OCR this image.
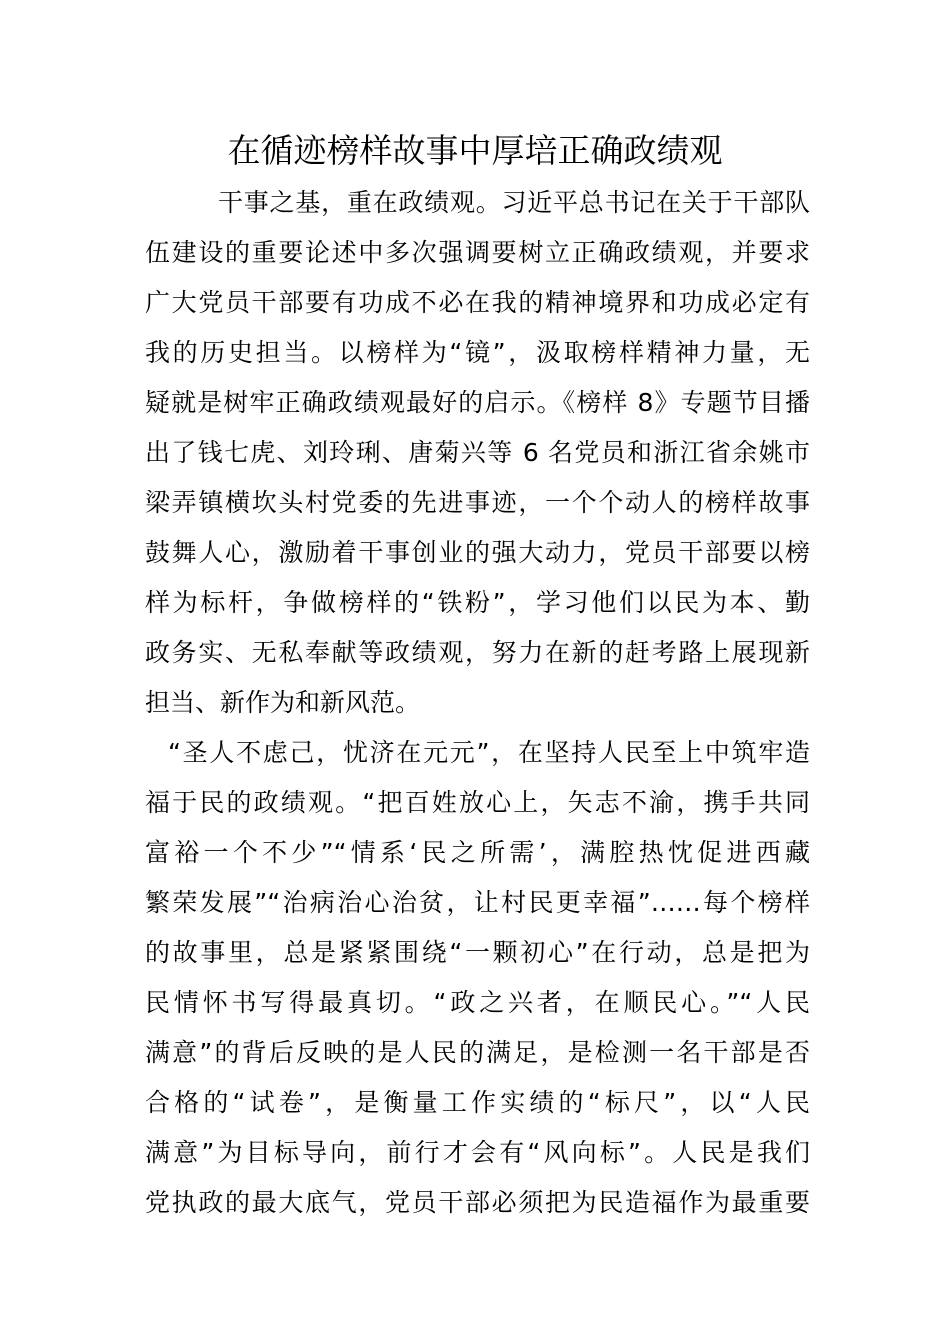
在循迹榜样故事中厚培正确政绩观
干事之基，重在政绩观。习近平总书记在关于干部队
伍建设的重要论述中多次强调要树立正确政绩观，并要求
广大党员干部要有功成不必在我的精神境界和功成必定有
我的历史担当。以榜样为“镜”，汲取榜样精神力量，无
疑就是树牢正确政绩观最好的启示。《榜样 8》专题节目播
出了钱七虎、刘玲琍、唐菊兴等 6 名党员和浙江省余姚市
梁弄镇横坎头村党委的先进事迹，一个个动人的榜样故事
鼓舞人心，激励着干事创业的强大动力，党员干部要以榜
样为标杆，争做榜样的“铁粉”，学习他们以民为本、勤
政务实、无私奉献等政绩观，努力在新的赶考路上展现新
担当、新作为和新风范。
“圣人不虑己，忧济在元元”，在坚持人民至上中筑牢造
福于民的政绩观。“把百姓放心上，矢志不渝，携手共同
富裕一个不少”“情系‘民之所需’，满腔热忱促进西藏
繁荣发展”“治病治心治贫，让村民更幸福”……每个榜样
的故事里，总是紧紧围绕“一颗初心”在行动，总是把为
民情怀书写得最真切。“政之兴者，在顺民心。”“人民
满意”的背后反映的是人民的满足，是检测一名干部是否
合格的“试卷”，是衡量工作实绩的“标尺”，以“人民
满意”为目标导向，前行才会有“风向标”。人民是我们
党执政的最大底气，党员干部必须把为民造福作为最重要
